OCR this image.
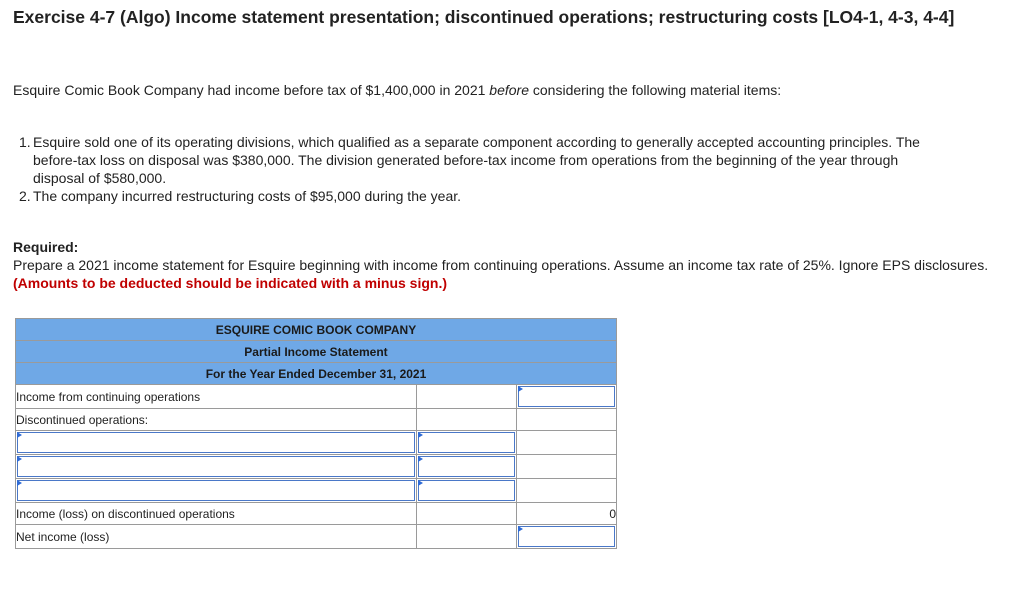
Exercise 4-7 (Algo) Income statement presentation; discontinued operations; restructuring costs [LO4-1, 4-3, 4-4]
Esquire Comic Book Company had income before tax of $1,400,000 in 2021 before considering the following material items:
1. Esquire sold one of its operating divisions, which qualified as a separate component according to generally accepted accounting principles. The before-tax loss on disposal was $380,000. The division generated before-tax income from operations from the beginning of the year through disposal of $580,000.
2. The company incurred restructuring costs of $95,000 during the year.
Required:
Prepare a 2021 income statement for Esquire beginning with income from continuing operations. Assume an income tax rate of 25%. Ignore EPS disclosures. (Amounts to be deducted should be indicated with a minus sign.)
ESQUIRE COMIC BOOK COMPANY		
Partial Income Statement		
For the Year Ended December 31, 2021		
Income from continuing operations		

Discontinued operations:		

Income (loss) on discontinued operations		0
Net income (loss)		
